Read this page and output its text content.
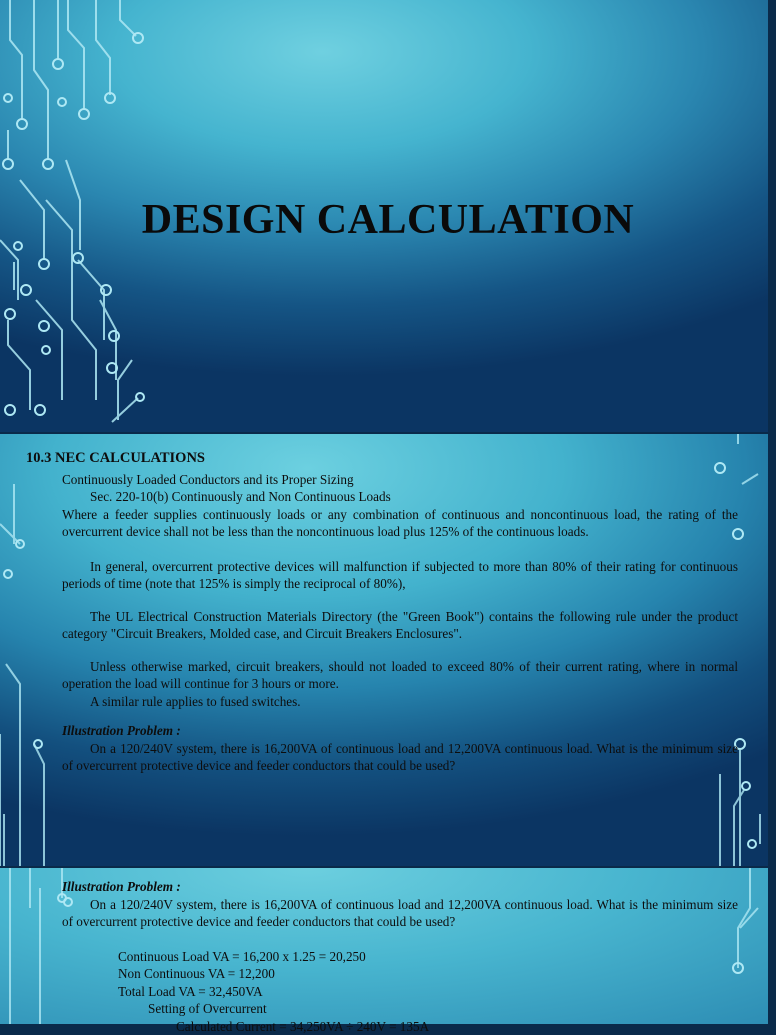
DESIGN CALCULATION
10.3 NEC CALCULATIONS
Continuously Loaded Conductors and its Proper Sizing
Sec. 220-10(b) Continuously and Non Continuous Loads

Where a feeder supplies continuously loads or any combination of continuous and noncontinuous load, the rating of the overcurrent device shall not be less than the noncontinuous load plus 125% of the continuous loads.

In general, overcurrent protective devices will malfunction if subjected to more than 80% of their rating for continuous periods of time (note that 125% is simply the reciprocal of 80%),

The UL Electrical Construction Materials Directory (the "Green Book") contains the following rule under the product category "Circuit Breakers, Molded case, and Circuit Breakers Enclosures".

Unless otherwise marked, circuit breakers, should not loaded to exceed 80% of their current rating, where in normal operation the load will continue for 3 hours or more.

A similar rule applies to fused switches.

Illustration Problem :

On a 120/240V system, there is 16,200VA of continuous load and 12,200VA continuous load. What is the minimum size of overcurrent protective device and feeder conductors that could be used?

Illustration Problem :

On a 120/240V system, there is 16,200VA of continuous load and 12,200VA continuous load. What is the minimum size of overcurrent protective device and feeder conductors that could be used?

Continuous Load VA = 16,200 x 1.25 = 20,250
Non Continuous VA = 12,200
Total Load VA = 32,450VA
Setting of Overcurrent
Calculated Current = 34,250VA ÷ 240V = 135A
